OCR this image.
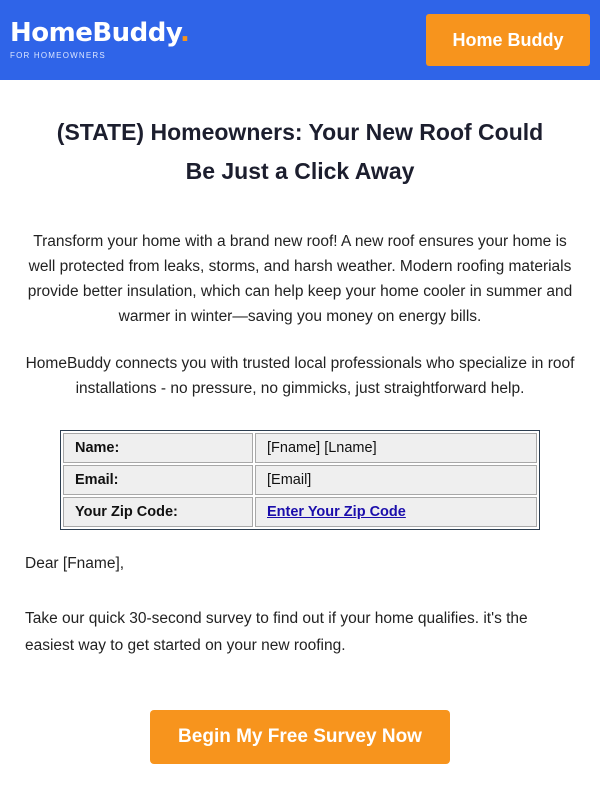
HomeBuddy.
FOR HOMEOWNERS
Home Buddy
(STATE) Homeowners: Your New Roof Could Be Just a Click Away

Transform your home with a brand new roof! A new roof ensures your home is well protected from leaks, storms, and harsh weather. Modern roofing materials provide better insulation, which can help keep your home cooler in summer and warmer in winter—saving you money on energy bills.

HomeBuddy connects you with trusted local professionals who specialize in roof installations - no pressure, no gimmicks, just straightforward help.

Name:	[Fname] [Lname]
Email:	[Email]
Your Zip Code:	Enter Your Zip Code

Dear [Fname],

Take our quick 30-second survey to find out if your home qualifies. it's the easiest way to get started on your new roofing.

Begin My Free Survey Now
